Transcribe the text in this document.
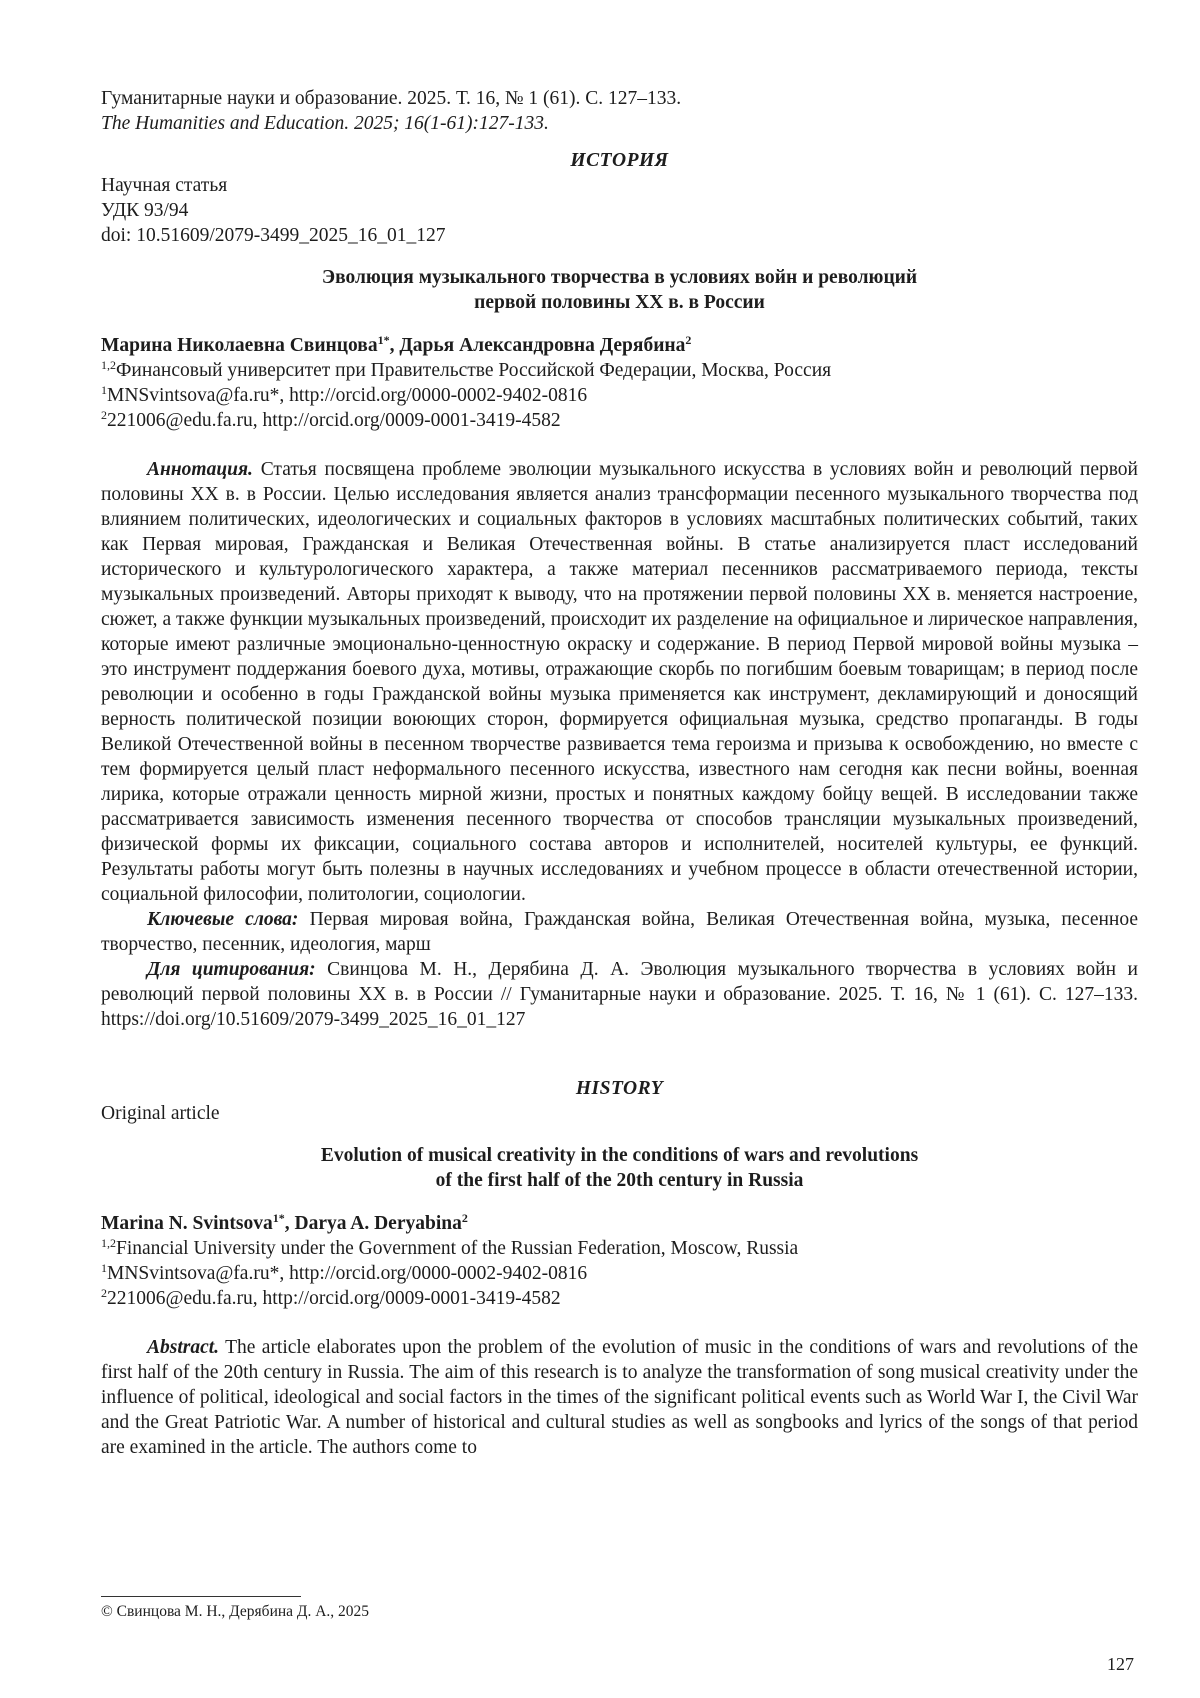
Гуманитарные науки и образование. 2025. Т. 16, № 1 (61). С. 127–133.
The Humanities and Education. 2025; 16(1-61):127-133.
ИСТОРИЯ
Научная статья
УДК 93/94
doi: 10.51609/2079-3499_2025_16_01_127
Эволюция музыкального творчества в условиях войн и революций
первой половины XX в. в России
Марина Николаевна Свинцова$^{1*}$, Дарья Александровна Дерябина$^2$
$^{1,2}$Финансовый университет при Правительстве Российской Федерации, Москва, Россия
$^1$MNSvintsova@fa.ru*, http://orcid.org/0000-0002-9402-0816
$^2$221006@edu.fa.ru, http://orcid.org/0009-0001-3419-4582

Аннотация. Статья посвящена проблеме эволюции музыкального искусства в условиях войн и революций первой половины XX в. в России. Целью исследования является анализ трансформации песенного музыкального творчества под влиянием политических, идеологических и социальных факторов в условиях масштабных политических событий, таких как Первая мировая, Гражданская и Великая Отечественная войны. В статье анализируется пласт исследований исторического и культурологического характера, а также материал песенников рассматриваемого периода, тексты музыкальных произведений. Авторы приходят к выводу, что на протяжении первой половины XX в. меняется настроение, сюжет, а также функции музыкальных произведений, происходит их разделение на официальное и лирическое направления, которые имеют различные эмоционально-ценностную окраску и содержание. В период Первой мировой войны музыка – это инструмент поддержания боевого духа, мотивы, отражающие скорбь по погибшим боевым товарищам; в период после революции и особенно в годы Гражданской войны музыка применяется как инструмент, декламирующий и доносящий верность политической позиции воюющих сторон, формируется официальная музыка, средство пропаганды. В годы Великой Отечественной войны в песенном творчестве развивается тема героизма и призыва к освобождению, но вместе с тем формируется целый пласт неформального песенного искусства, известного нам сегодня как песни войны, военная лирика, которые отражали ценность мирной жизни, простых и понятных каждому бойцу вещей. В исследовании также рассматривается зависимость изменения песенного творчества от способов трансляции музыкальных произведений, физической формы их фиксации, социального состава авторов и исполнителей, носителей культуры, ее функций. Результаты работы могут быть полезны в научных исследованиях и учебном процессе в области отечественной истории, социальной философии, политологии, социологии.

Ключевые слова: Первая мировая война, Гражданская война, Великая Отечественная война, музыка, песенное творчество, песенник, идеология, марш

Для цитирования: Свинцова М. Н., Дерябина Д. А. Эволюция музыкального творчества в условиях войн и революций первой половины XX в. в России // Гуманитарные науки и образование. 2025. Т. 16, № 1 (61). С. 127–133. https://doi.org/10.51609/2079-3499_2025_16_01_127

HISTORY
Original article
Evolution of musical creativity in the conditions of wars and revolutions
of the first half of the 20th century in Russia
Marina N. Svintsova$^{1*}$, Darya A. Deryabina$^2$
$^{1,2}$Financial University under the Government of the Russian Federation, Moscow, Russia
$^1$MNSvintsova@fa.ru*, http://orcid.org/0000-0002-9402-0816
$^2$221006@edu.fa.ru, http://orcid.org/0009-0001-3419-4582

Abstract. The article elaborates upon the problem of the evolution of music in the conditions of wars and revolutions of the first half of the 20th century in Russia. The aim of this research is to analyze the transformation of song musical creativity under the influence of political, ideological and social factors in the times of the significant political events such as World War I, the Civil War and the Great Patriotic War. A number of historical and cultural studies as well as songbooks and lyrics of the songs of that period are examined in the article. The authors come to

© Свинцова М. Н., Дерябина Д. А., 2025
127
